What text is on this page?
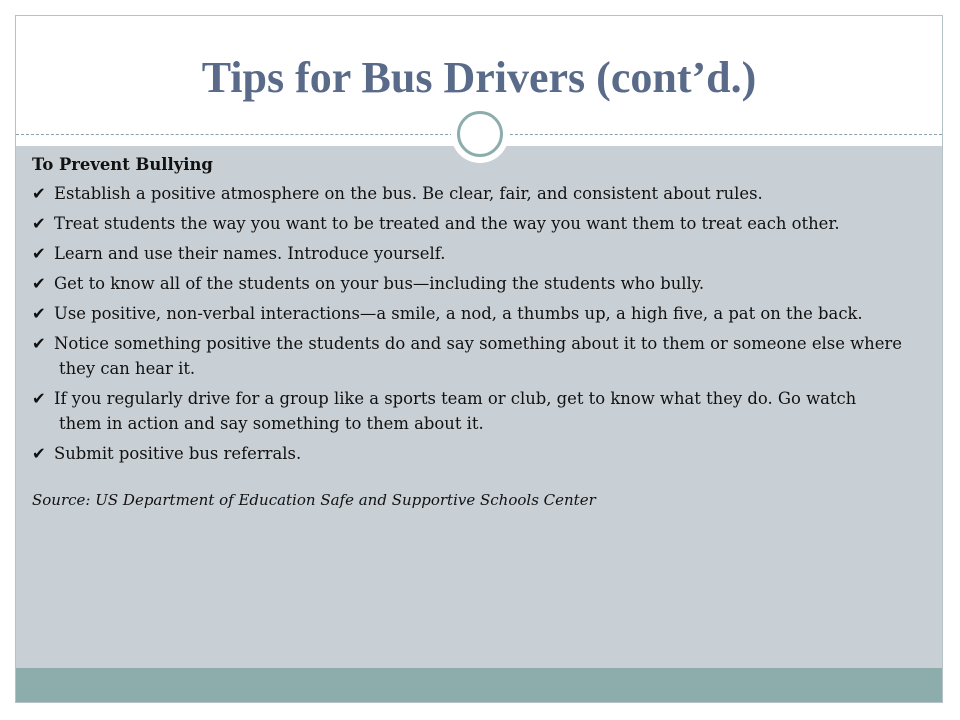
Tips for Bus Drivers (cont’d.)
To Prevent Bullying
✔ Establish a positive atmosphere on the bus. Be clear, fair, and consistent about rules.
✔ Treat students the way you want to be treated and the way you want them to treat each other.
✔ Learn and use their names. Introduce yourself.
✔ Get to know all of the students on your bus—including the students who bully.
✔ Use positive, non-verbal interactions—a smile, a nod, a thumbs up, a high five, a pat on the back.
✔ Notice something positive the students do and say something about it to them or someone else where they can hear it.
✔ If you regularly drive for a group like a sports team or club, get to know what they do. Go watch them in action and say something to them about it.
✔ Submit positive bus referrals.
Source: US Department of Education Safe and Supportive Schools Center
